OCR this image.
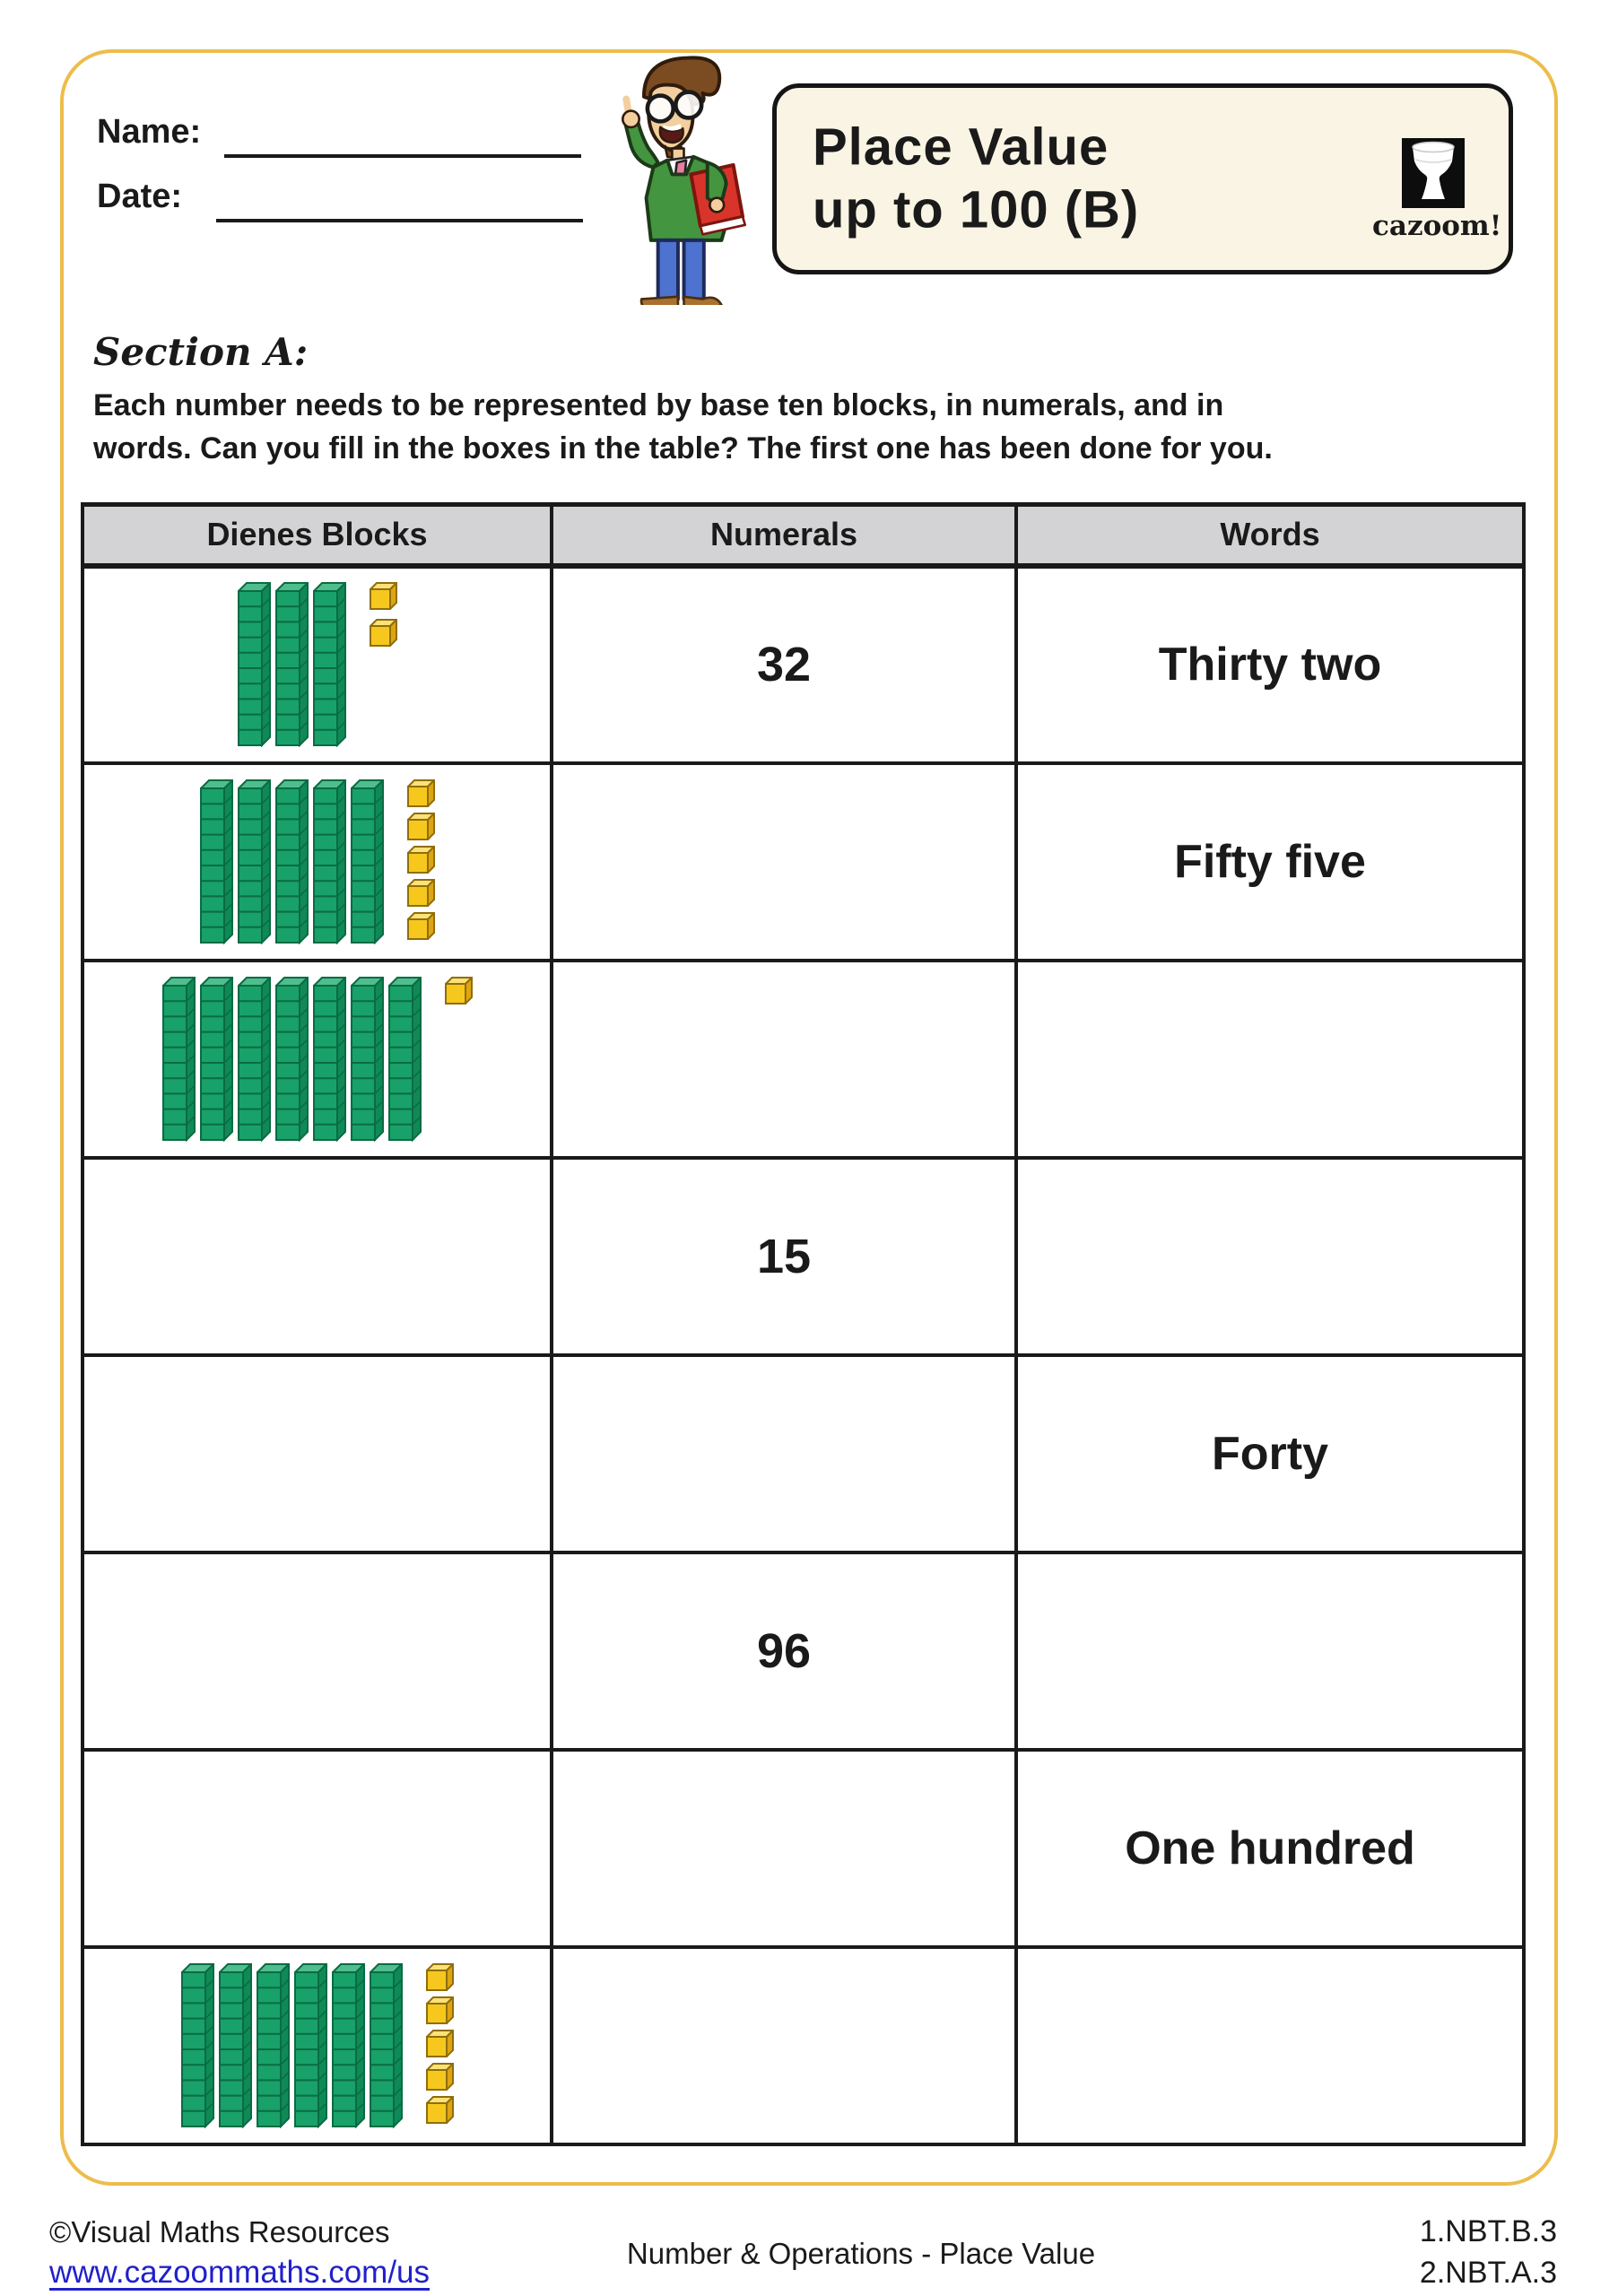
Name:
Date:
Place Value
up to 100 (B)	cazoom!
Section A:
Each number needs to be represented by base ten blocks, in numerals, and in
words. Can you fill in the boxes in the table? The first one has been done for you.
Dienes Blocks	Numerals	Words

	32	Thirty two

		Fifty five

	15	
		Forty
	96	
		One hundred

©Visual Maths Resources
www.cazoommaths.com/us
Number & Operations - Place Value
1.NBT.B.3
2.NBT.A.3
